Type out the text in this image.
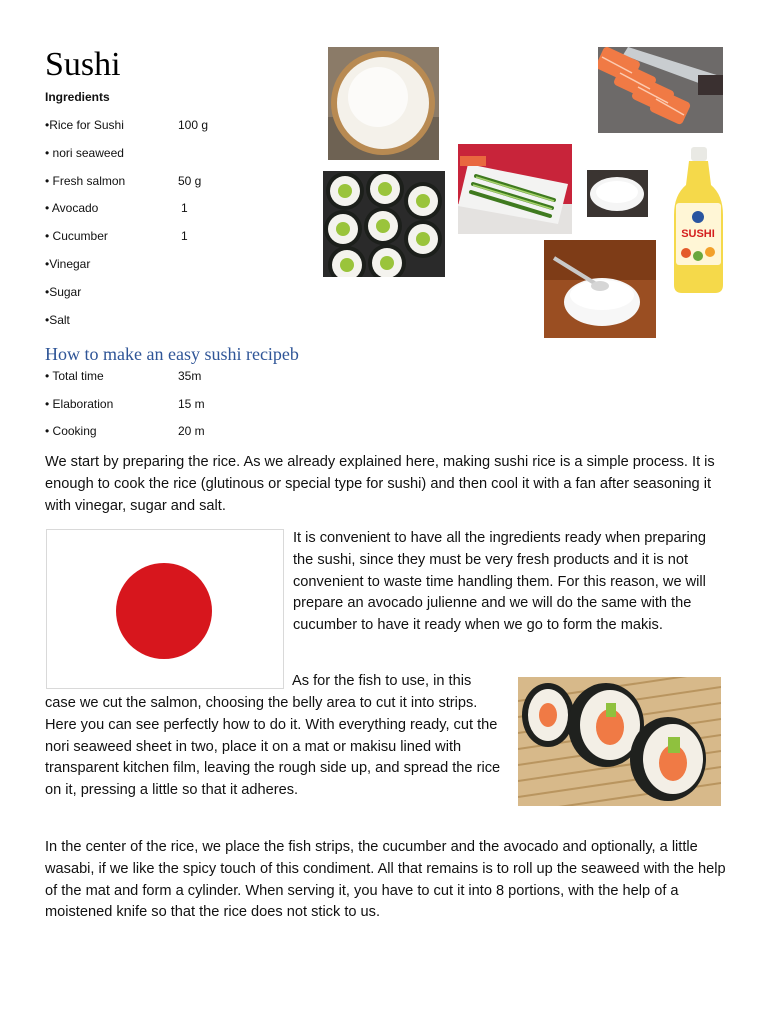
Sushi
Ingredients
•Rice for Sushi	100 g
• nori seaweed
• Fresh salmon	50 g
• Avocado	1
• Cucumber	1
•Vinegar
•Sugar
•Salt
SUSHI
How to make an easy sushi recipeb
• Total time	35m
• Elaboration	15 m
• Cooking	20 m
We start by preparing the rice. As we already explained here, making sushi rice is a simple process. It is enough to cook the rice (glutinous or special type for sushi) and then cool it with a fan after seasoning it with vinegar, sugar and salt.
It is convenient to have all the ingredients ready when preparing the sushi, since they must be very fresh products and it is not convenient to waste time handling them. For this reason, we will prepare an avocado julienne and we will do the same with the cucumber to have it ready when we go to form the makis.
As for the fish to use, in this
case we cut the salmon, choosing the belly area to cut it into strips. Here you can see perfectly how to do it. With everything ready, cut the nori seaweed sheet in two, place it on a mat or makisu lined with transparent kitchen film, leaving the rough side up, and spread the rice on it, pressing a little so that it adheres.
In the center of the rice, we place the fish strips, the cucumber and the avocado and optionally, a little wasabi, if we like the spicy touch of this condiment. All that remains is to roll up the seaweed with the help of the mat and form a cylinder. When serving it, you have to cut it into 8 portions, with the help of a moistened knife so that the rice does not stick to us.
